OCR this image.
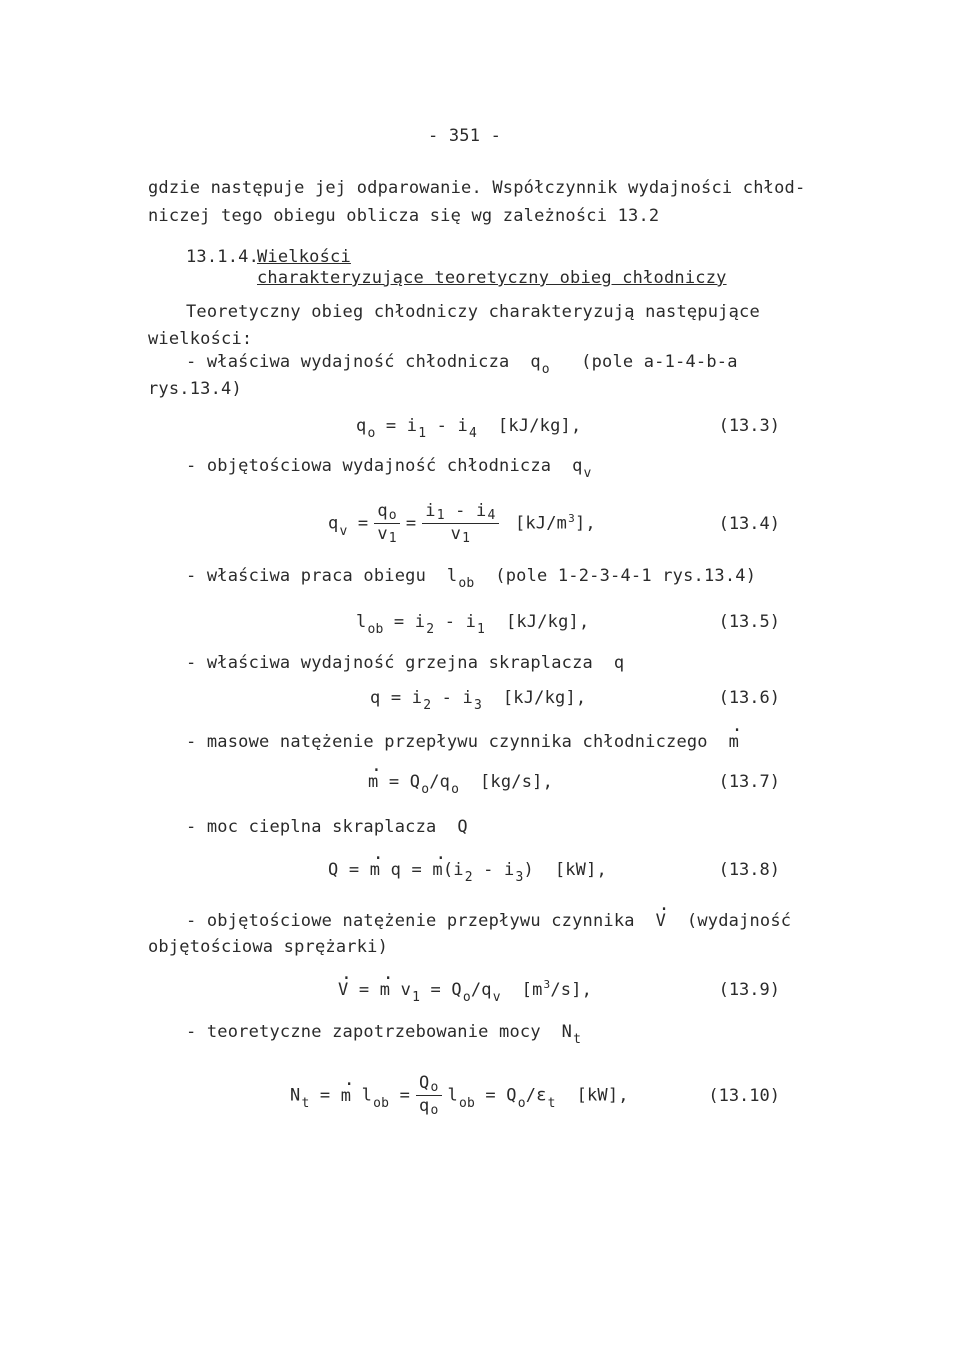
- 351 -
gdzie następuje jej odparowanie. Współczynnik wydajności chłod-
niczej tego obiegu oblicza się wg zależności 13.2
13.1.4.
Wielkości
charakteryzujące teoretyczny obieg chłodniczy
Teoretyczny obieg chłodniczy charakteryzują następujące
wielkości:
- właściwa wydajność chłodnicza $q_o$ (pole a-1-4-b-a
rys.13.4)
$q_o = i_1 - i_4$ [kJ/kg],	(13.3)
- objętościowa wydajność chłodnicza $q_v$
$q_v = \frac{qo}{v1} = \frac{i1 - i4}{v1} [kJ/m^3]$,	(13.4)
- właściwa praca obiegu $l_{ob}$ (pole 1-2-3-4-1 rys.13.4)
$l_{ob} = i_2 - i_1$ [kJ/kg],	(13.5)
- właściwa wydajność grzejna skraplacza q
$q = i_2 - i_3$ [kJ/kg],	(13.6)
- masowe natężenie przepływu czynnika chłodniczego · m
· $m = Q_o/q_o$ [kg/s],	(13.7)
- moc cieplna skraplacza Q
Q = · m q = · $m(i_2 - i_3)$  [kW],	(13.8)
- objętościowe natężenie przepływu czynnika · V (wydajność
objętościowa sprężarki)
· V = · m $v_1 = Q_o/q_v$ $[m^3/s]$,	(13.9)
- teoretyczne zapotrzebowanie mocy $N_t$
$N_t$ = · m $l_{ob} = \frac{Qo}{qo} l_{ob} = Q_o/\varepsilon_t$ [kW],	(13.10)
